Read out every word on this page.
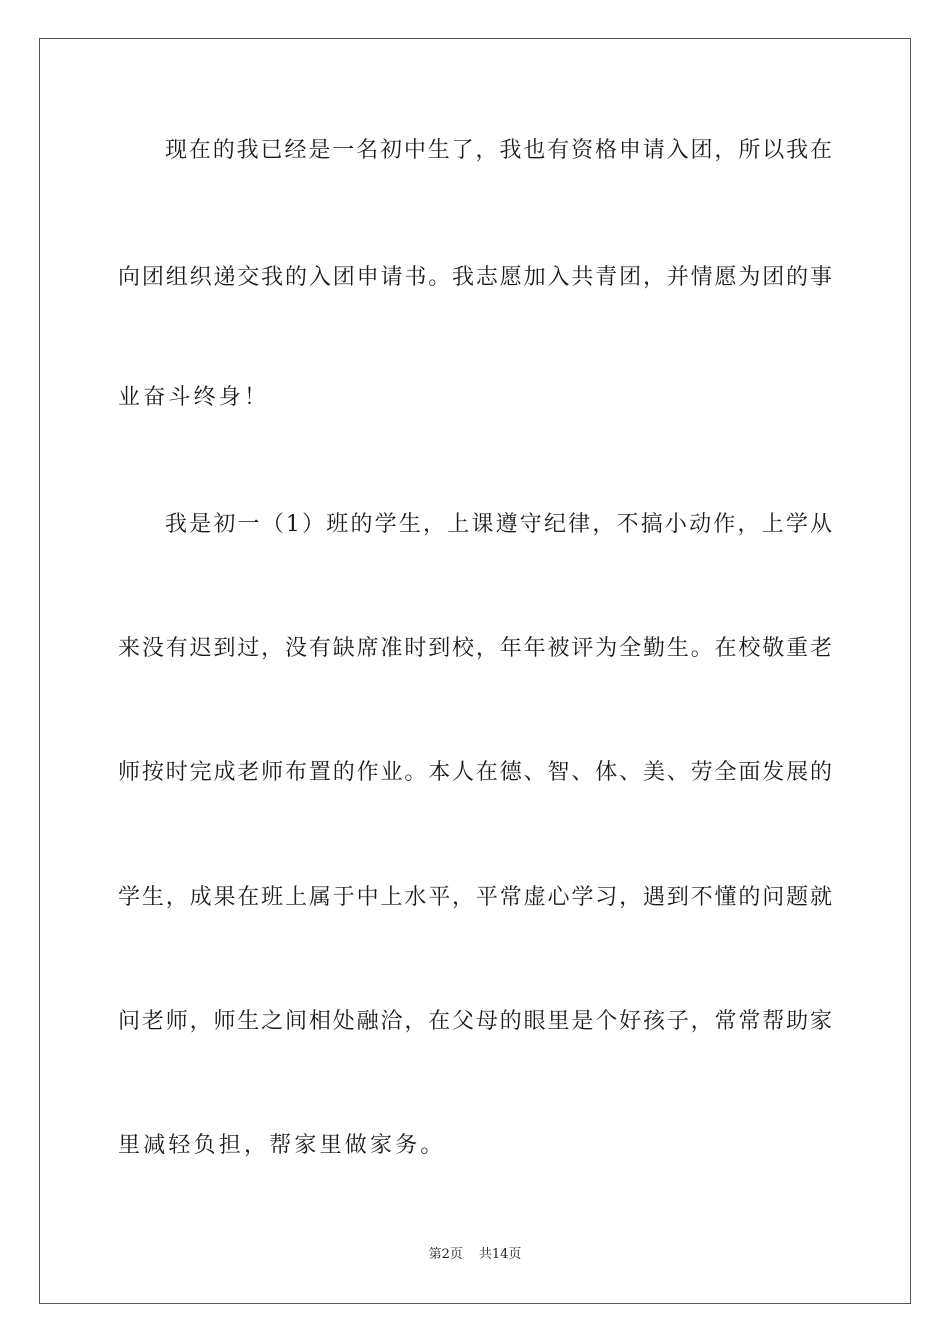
现在的我已经是一名初中生了，我也有资格申请入团，所以我在
向团组织递交我的入团申请书。我志愿加入共青团，并情愿为团的事
业奋斗终身！
我是初一（1）班的学生，上课遵守纪律，不搞小动作，上学从
来没有迟到过，没有缺席准时到校，年年被评为全勤生。在校敬重老
师按时完成老师布置的作业。本人在德、智、体、美、劳全面发展的
学生，成果在班上属于中上水平，平常虚心学习，遇到不懂的问题就
问老师，师生之间相处融洽，在父母的眼里是个好孩子，常常帮助家
里减轻负担，帮家里做家务。
第2页 共14页
